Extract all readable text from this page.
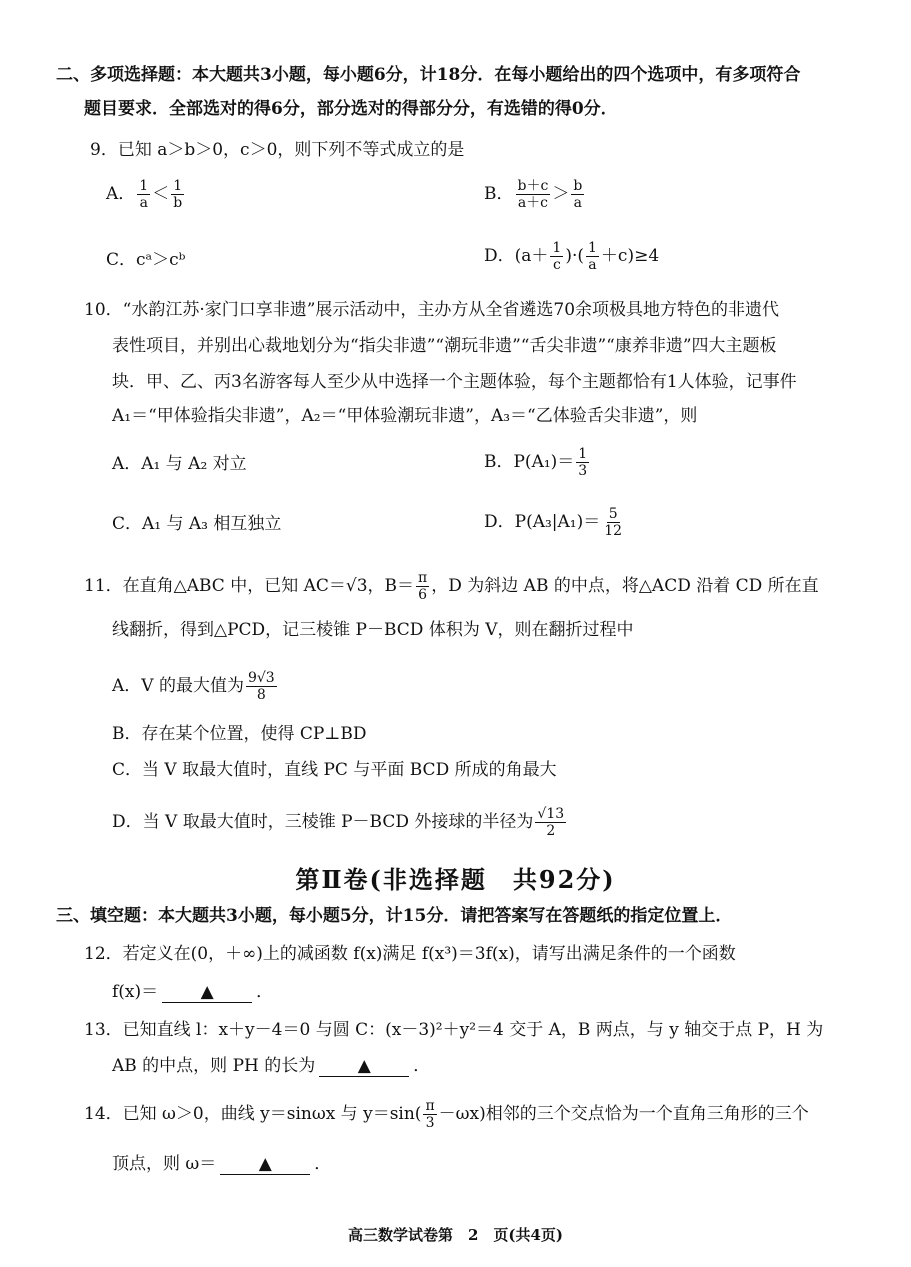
二、多项选择题：本大题共3小题，每小题6分，计18分．在每小题给出的四个选项中，有多项符合
题目要求．全部选对的得6分，部分选对的得部分分，有选错的得0分．
9．已知 a＞b＞0，c＞0，则下列不等式成立的是
A． $\frac{1}{a} < \frac{1}{b}$	B． $\frac{b+c}{a+c} > \frac{b}{a}$
C．cᵃ＞cᵇ	D．($a+ \frac{1}{c}$ )·( $\frac{1}{a} +c)\ge 4$
10．“水韵江苏·家门口享非遗”展示活动中，主办方从全省遴选70余项极具地方特色的非遗代
表性项目，并别出心裁地划分为“指尖非遗”“潮玩非遗”“舌尖非遗”“康养非遗”四大主题板
块．甲、乙、丙3名游客每人至少从中选择一个主题体验，每个主题都恰有1人体验，记事件
A₁＝“甲体验指尖非遗”，A₂＝“甲体验潮玩非遗”，A₃＝“乙体验舌尖非遗”，则
A．A₁ 与 A₂ 对立	B．$P(A_1)= \frac{1}{3}$
C．A₁ 与 A₃ 相互独立	D．$P(A_3|A_1)= \frac{5}{12}$
11．在直角△ABC 中，已知 AC＝√3，$B= \frac{\pi}{6}$ ，D 为斜边 AB 的中点，将△ACD 沿着 CD 所在直
线翻折，得到△PCD，记三棱锥 P－BCD 体积为 V，则在翻折过程中
A．V 的最大值为 $\frac{9√3}{8}$
B．存在某个位置，使得 CP⊥BD
C．当 V 取最大值时，直线 PC 与平面 BCD 所成的角最大
D．当 V 取最大值时，三棱锥 P－BCD 外接球的半径为 $\frac{√13}{2}$
第Ⅱ卷(非选择题　共92分)
三、填空题：本大题共3小题，每小题5分，计15分．请把答案写在答题纸的指定位置上．
12．若定义在(0，＋∞)上的减函数 f(x)满足 f(x³)＝3f(x)，请写出满足条件的一个函数
f(x)＝ ▲ ．
13．已知直线 l：x＋y－4＝0 与圆 C：(x－3)²＋y²＝4 交于 A，B 两点，与 y 轴交于点 P，H 为
AB 的中点，则 PH 的长为 ▲ ．
14．已知 ω＞0，曲线 y＝sinωx 与 $y=\sin( \frac{\pi}{3} -\omega x)$相邻的三个交点恰为一个直角三角形的三个
顶点，则 ω＝ ▲ ．
高三数学试卷第　2　页(共4页)
